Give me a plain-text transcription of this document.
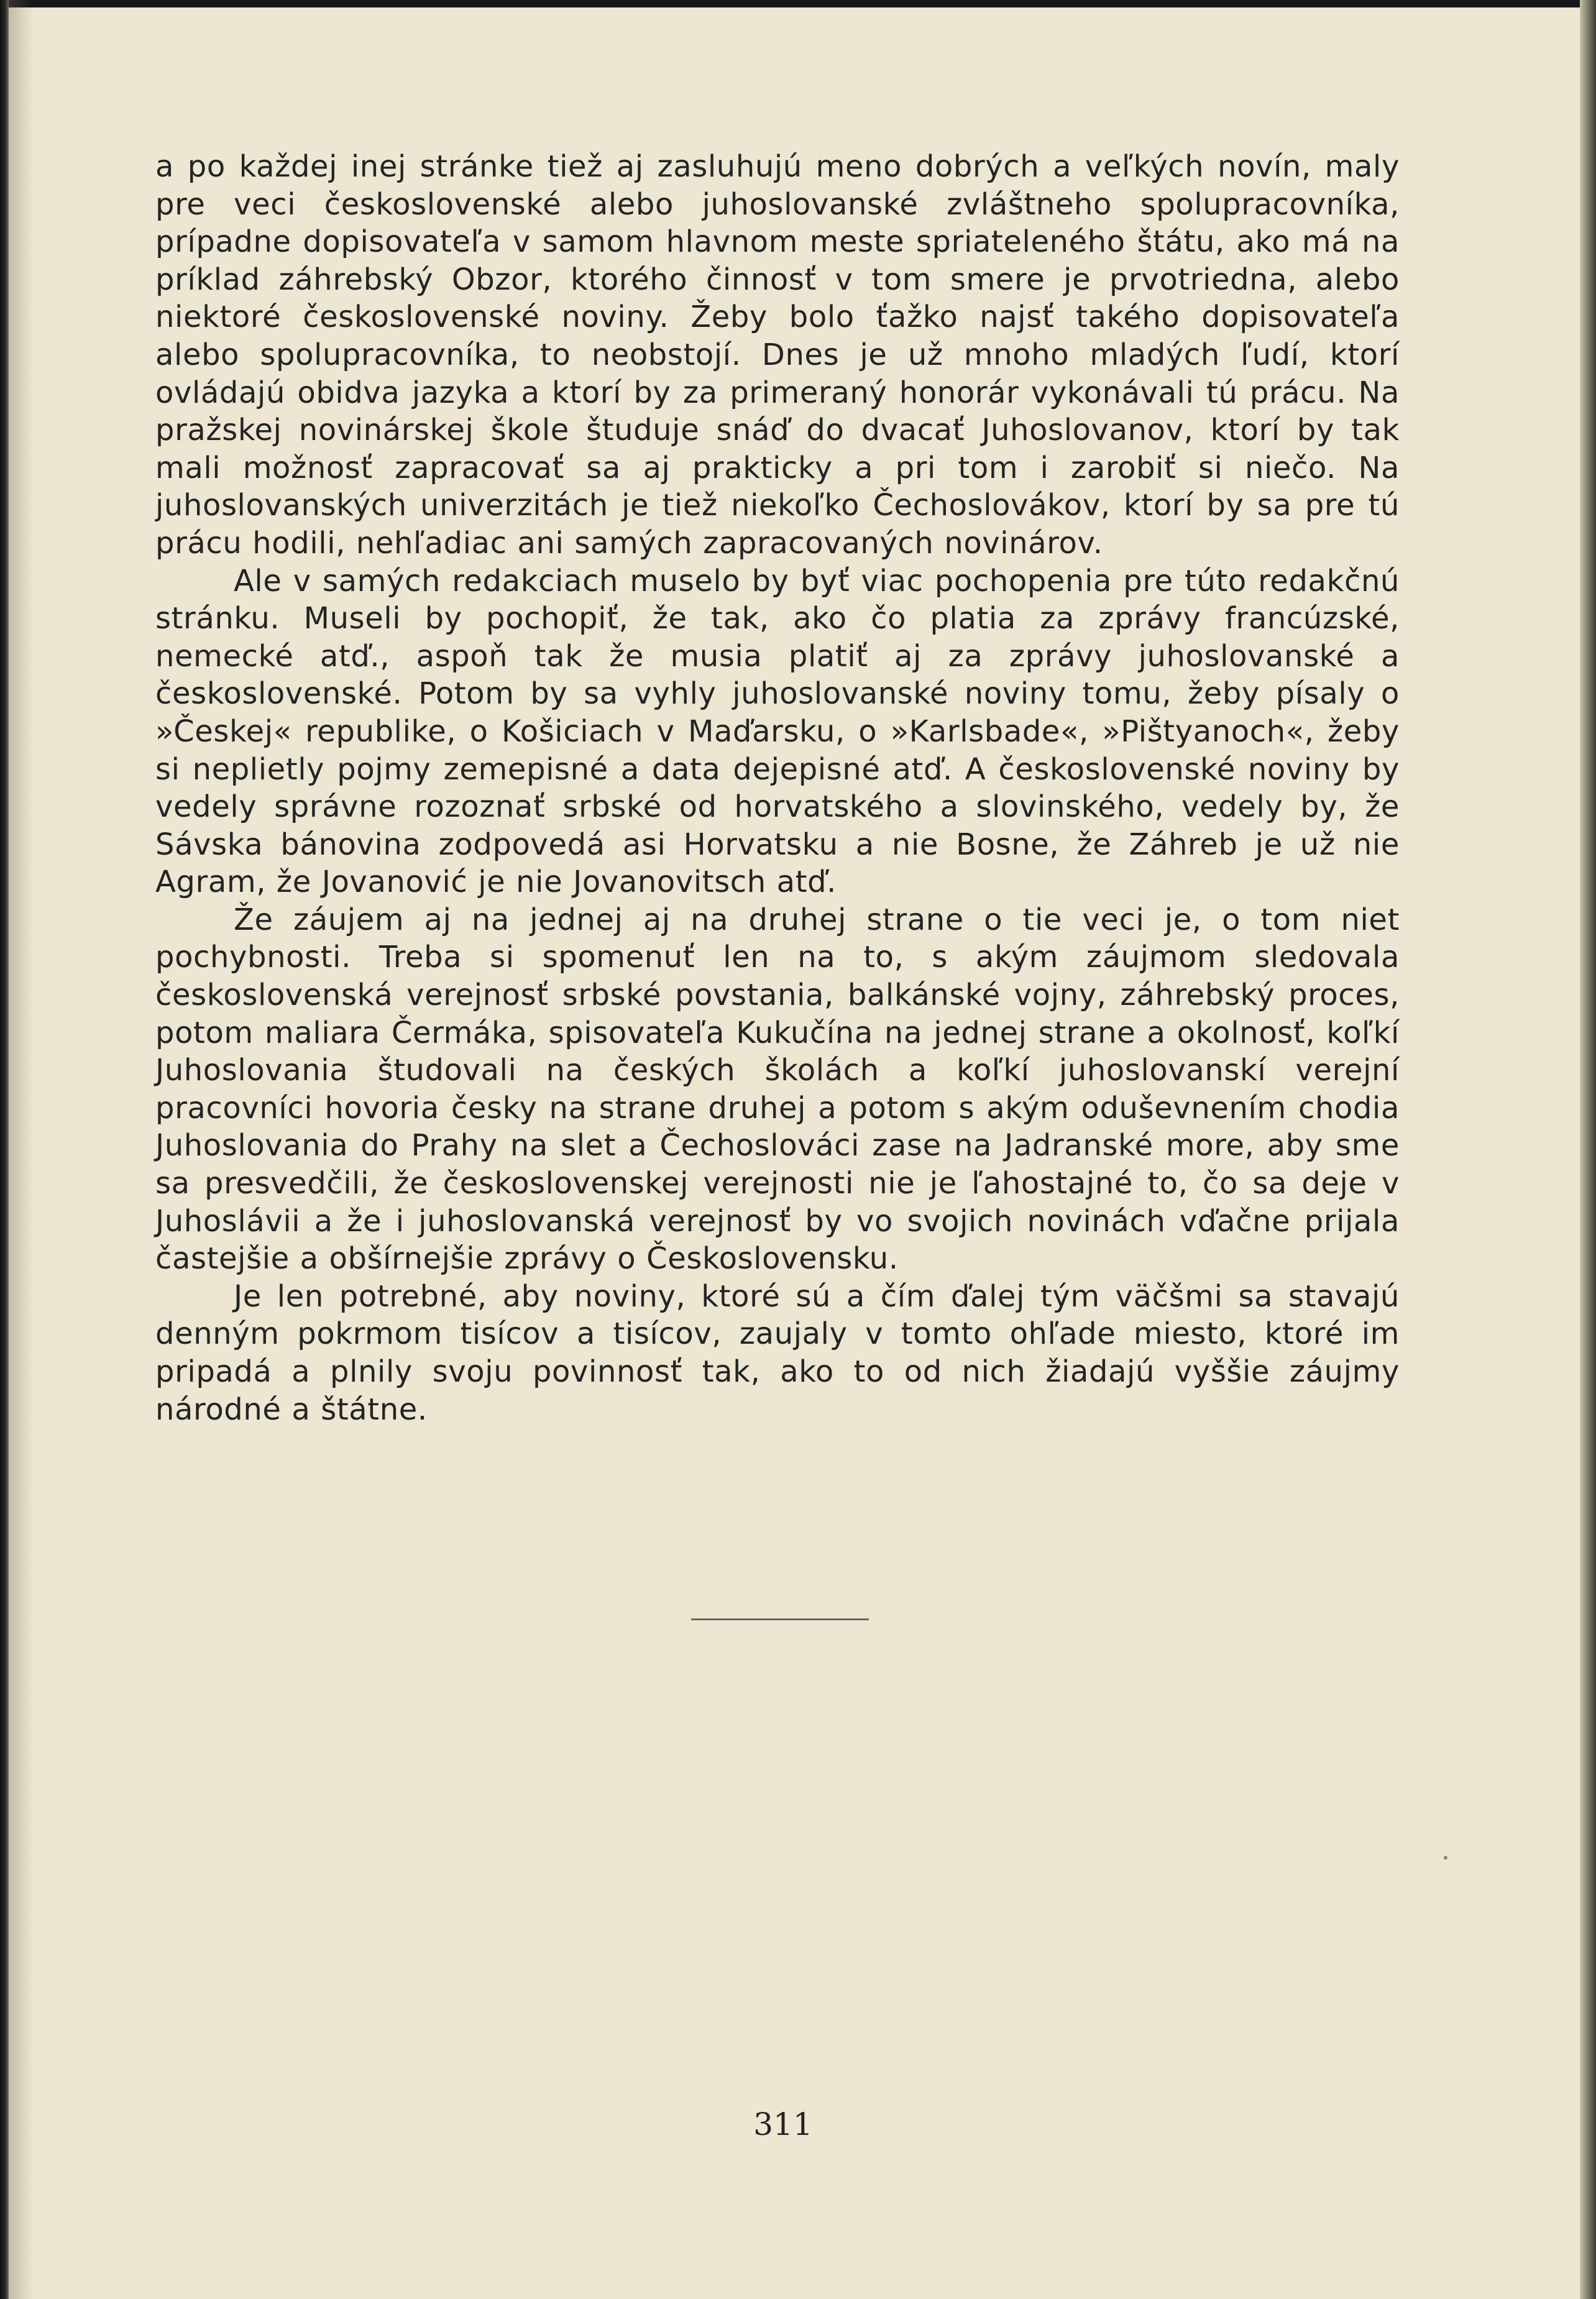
a po každej inej stránke tiež aj zasluhujú meno dobrých a veľkých novín, maly pre veci československé alebo juhoslovanské zvláštneho spolupracovníka, prípadne dopisovateľa v samom hlavnom meste spriateleného štátu, ako má na príklad záhrebský Obzor, ktorého činnosť v tom smere je prvotriedna, alebo niektoré československé noviny. Žeby bolo ťažko najsť takého dopisovateľa alebo spolupracovníka, to neobstojí. Dnes je už mnoho mladých ľudí, ktorí ovládajú obidva jazyka a ktorí by za primeraný honorár vykonávali tú prácu. Na pražskej novinárskej škole študuje snáď do dvacať Juhoslovanov, ktorí by tak mali možnosť zapracovať sa aj prakticky a pri tom i zarobiť si niečo. Na juhoslovanských univerzitách je tiež niekoľko Čechoslovákov, ktorí by sa pre tú prácu hodili, nehľadiac ani samých zapracovaných novinárov.

Ale v samých redakciach muselo by byť viac pochopenia pre túto redakčnú stránku. Museli by pochopiť, že tak, ako čo platia za zprávy francúzské, nemecké atď., aspoň tak že musia platiť aj za zprávy juhoslovanské a československé. Potom by sa vyhly juhoslovanské noviny tomu, žeby písaly o »Českej« republike, o Košiciach v Maďarsku, o »Karlsbade«, »Pištyanoch«, žeby si neplietly pojmy zemepisné a data dejepisné atď. A československé noviny by vedely správne rozoznať srbské od horvatského a slovinského, vedely by, že Sávska bánovina zodpovedá asi Horvatsku a nie Bosne, že Záhreb je už nie Agram, že Jovanović je nie Jovanovitsch atď.

Že záujem aj na jednej aj na druhej strane o tie veci je, o tom niet pochybnosti. Treba si spomenuť len na to, s akým záujmom sledovala československá verejnosť srbské povstania, balkánské vojny, záhrebský proces, potom maliara Čermáka, spisovateľa Kukučína na jednej strane a okolnosť, koľkí Juhoslovania študovali na českých školách a koľkí juhoslovanskí verejní pracovníci hovoria česky na strane druhej a potom s akým oduševnením chodia Juhoslovania do Prahy na slet a Čechoslováci zase na Jadranské more, aby sme sa presvedčili, že československej verejnosti nie je ľahostajné to, čo sa deje v Juhoslávii a že i juhoslovanská verejnosť by vo svojich novinách vďačne prijala častejšie a obšírnejšie zprávy o Československu.

Je len potrebné, aby noviny, ktoré sú a čím ďalej tým väčšmi sa stavajú denným pokrmom tisícov a tisícov, zaujaly v tomto ohľade miesto, ktoré im pripadá a plnily svoju povinnosť tak, ako to od nich žiadajú vyššie záujmy národné a štátne.

311
